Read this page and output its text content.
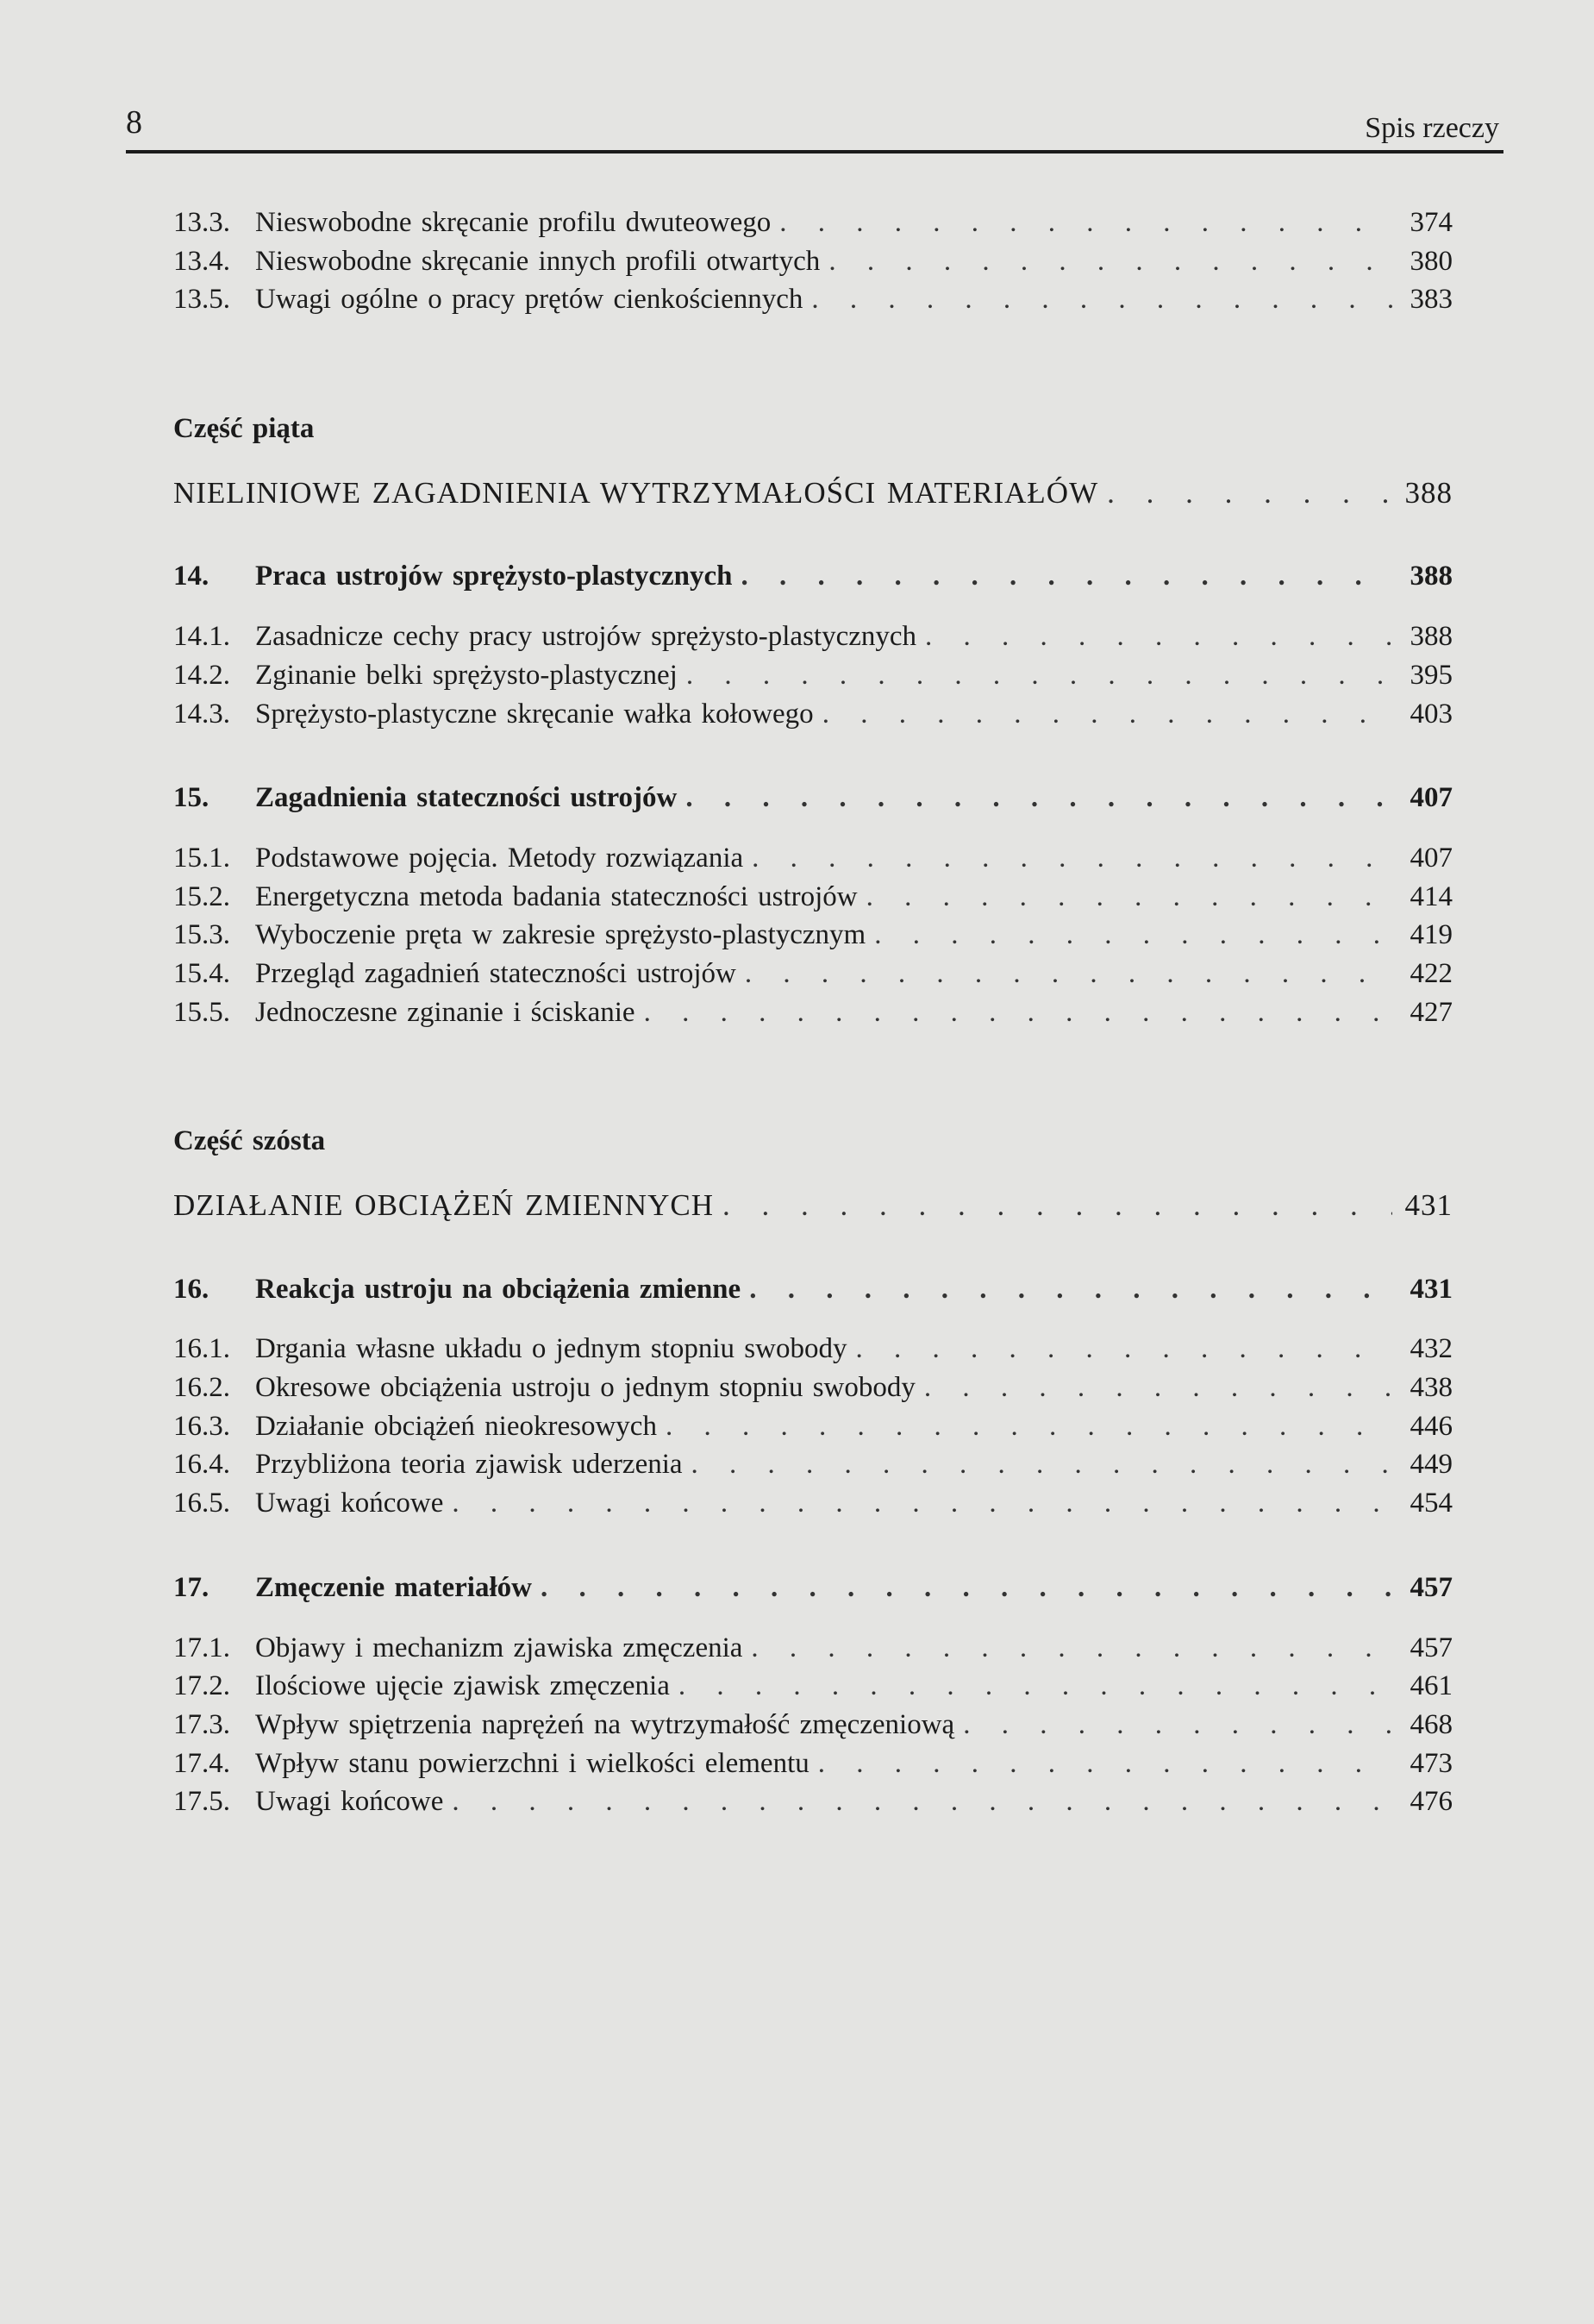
8	Spis rzeczy
13.3. Nieswobodne skręcanie profilu dwuteowego . . .	374
13.4. Nieswobodne skręcanie innych profili otwartych . . .	380
13.5. Uwagi ogólne o pracy prętów cienkościennych . . .	383
Część piąta
NIELINIOWE ZAGADNIENIA WYTRZYMAŁOŚCI MATERIAŁÓW . . .	388
14.	Praca ustrojów sprężysto-plastycznych . . .	388
14.1. Zasadnicze cechy pracy ustrojów sprężysto-plastycznych . . .	388
14.2. Zginanie belki sprężysto-plastycznej . . .	395
14.3. Sprężysto-plastyczne skręcanie wałka kołowego . . .	403
15.	Zagadnienia stateczności ustrojów . . .	407
15.1. Podstawowe pojęcia. Metody rozwiązania . . .	407
15.2. Energetyczna metoda badania stateczności ustrojów . . .	414
15.3. Wyboczenie pręta w zakresie sprężysto-plastycznym . . .	419
15.4. Przegląd zagadnień stateczności ustrojów . . .	422
15.5. Jednoczesne zginanie i ściskanie . . .	427
Część szósta
DZIAŁANIE OBCIĄŻEŃ ZMIENNYCH . . .	431
16.	Reakcja ustroju na obciążenia zmienne . . .	431
16.1. Drgania własne układu o jednym stopniu swobody . . .	432
16.2. Okresowe obciążenia ustroju o jednym stopniu swobody . . .	438
16.3. Działanie obciążeń nieokresowych . . .	446
16.4. Przybliżona teoria zjawisk uderzenia . . .	449
16.5. Uwagi końcowe . . .	454
17.	Zmęczenie materiałów . . .	457
17.1. Objawy i mechanizm zjawiska zmęczenia . . .	457
17.2. Ilościowe ujęcie zjawisk zmęczenia . . .	461
17.3. Wpływ spiętrzenia naprężeń na wytrzymałość zmęczeniową . . .	468
17.4. Wpływ stanu powierzchni i wielkości elementu . . .	473
17.5. Uwagi końcowe . . .	476
